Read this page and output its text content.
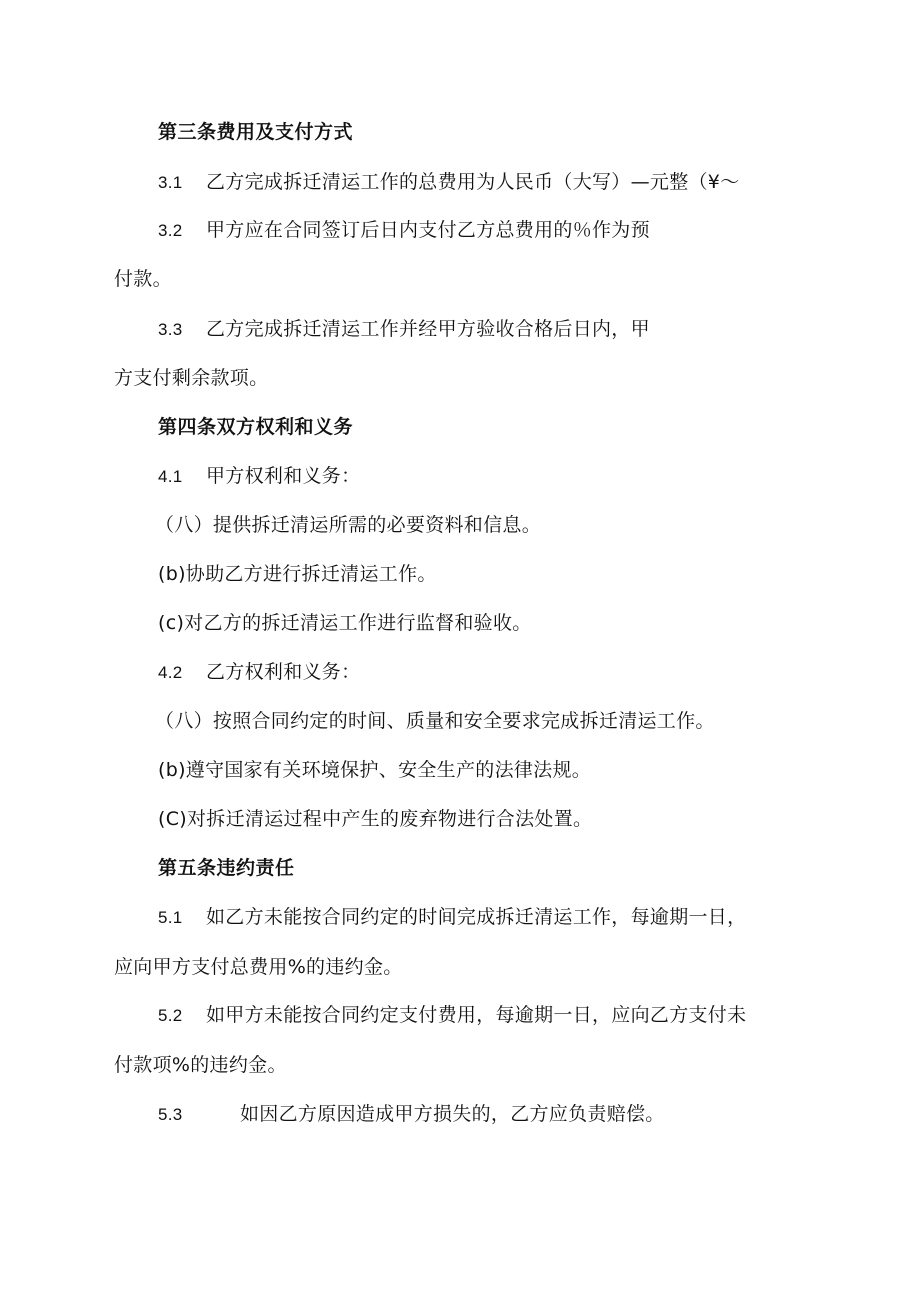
第三条费用及支付方式
3.1 乙方完成拆迁清运工作的总费用为人民币（大写）—元整（¥～
3.2 甲方应在合同签订后日内支付乙方总费用的％作为预
付款。
3.3 乙方完成拆迁清运工作并经甲方验收合格后日内，甲
方支付剩余款项。
第四条双方权利和义务
4.1 甲方权利和义务：
（八）提供拆迁清运所需的必要资料和信息。
(b)协助乙方进行拆迁清运工作。
(c)对乙方的拆迁清运工作进行监督和验收。
4.2 乙方权利和义务：
（八）按照合同约定的时间、质量和安全要求完成拆迁清运工作。
(b)遵守国家有关环境保护、安全生产的法律法规。
(C)对拆迁清运过程中产生的废弃物进行合法处置。
第五条违约责任
5.1 如乙方未能按合同约定的时间完成拆迁清运工作，每逾期一日，
应向甲方支付总费用%的违约金。
5.2 如甲方未能按合同约定支付费用，每逾期一日，应向乙方支付未
付款项%的违约金。
5.3	如因乙方原因造成甲方损失的，乙方应负责赔偿。
